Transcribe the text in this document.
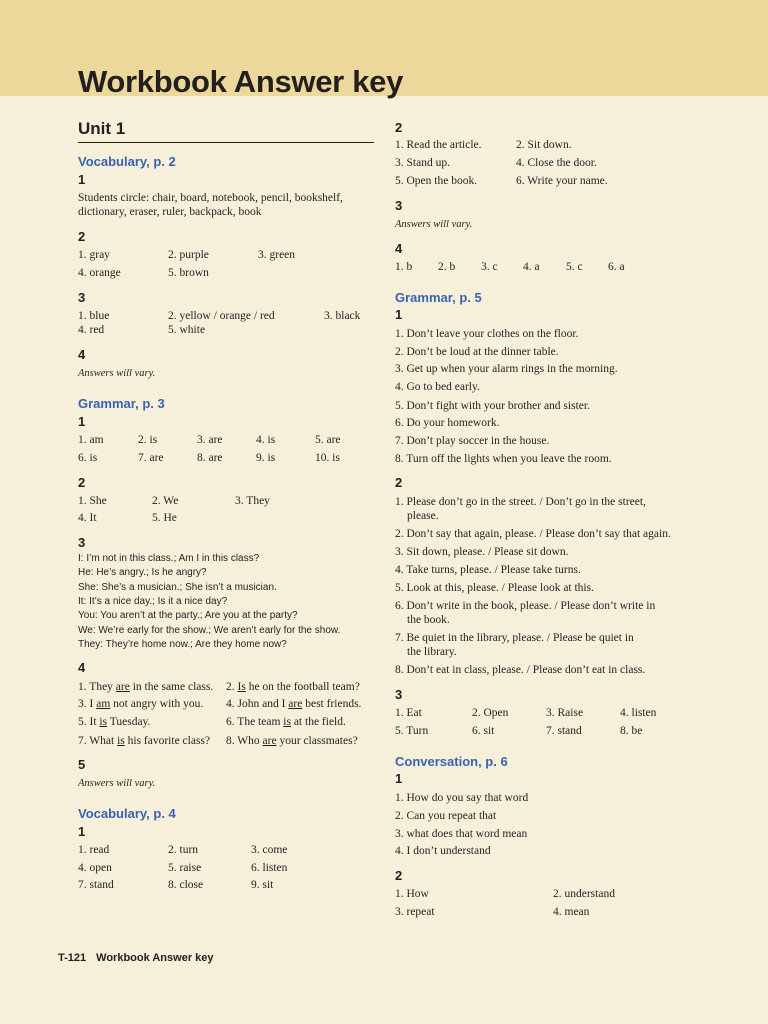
Workbook Answer key
Unit 1
Vocabulary, p. 2
1
Students circle: chair, board, notebook, pencil, bookshelf,
dictionary, eraser, ruler, backpack, book
2
1. gray	2. purple	3. green
4. orange	5. brown
3
1. blue	2. yellow / orange / red	3. black
4. red	5. white
4
Answers will vary.
Grammar, p. 3
1
1. am	2. is	3. are	4. is	5. are
6. is	7. are	8. are	9. is	10. is
2
1. She	2. We	3. They
4. It	5. He
3
I: I’m not in this class.; Am I in this class?
He: He’s angry.; Is he angry?
She: She’s a musician.; She isn’t a musician.
It: It’s a nice day.; Is it a nice day?
You: You aren’t at the party.; Are you at the party?
We: We’re early for the show.; We aren’t early for the show.
They: They’re home now.; Are they home now?
4
1. They are in the same class. 2. Is he on the football team?
3. I am not angry with you. 4. John and I are best friends.
5. It is Tuesday.	6. The team is at the field.
7. What is his favorite class? 8. Who are your classmates?
5
Answers will vary.
Vocabulary, p. 4
1
1. read	2. turn	3. come
4. open	5. raise	6. listen
7. stand	8. close	9. sit
2
1. Read the article.	2. Sit down.
3. Stand up.	4. Close the door.
5. Open the book.	6. Write your name.
3
Answers will vary.
4
1. b 2. b 3. c 4. a 5. c 6. a
Grammar, p. 5
1
1. Don’t leave your clothes on the floor.
2. Don’t be loud at the dinner table.
3. Get up when your alarm rings in the morning.
4. Go to bed early.
5. Don’t fight with your brother and sister.
6. Do your homework.
7. Don’t play soccer in the house.
8. Turn off the lights when you leave the room.
2
1. Please don’t go in the street. / Don’t go in the street,
please.
2. Don’t say that again, please. / Please don’t say that again.
3. Sit down, please. / Please sit down.
4. Take turns, please. / Please take turns.
5. Look at this, please. / Please look at this.
6. Don’t write in the book, please. / Please don’t write in
the book.
7. Be quiet in the library, please. / Please be quiet in
the library.
8. Don’t eat in class, please. / Please don’t eat in class.
3
1. Eat	2. Open	3. Raise	4. listen
5. Turn	6. sit	7. stand	8. be
Conversation, p. 6
1
1. How do you say that word
2. Can you repeat that
3. what does that word mean
4. I don’t understand
2
1. How	2. understand
3. repeat	4. mean
T-121 Workbook Answer key
